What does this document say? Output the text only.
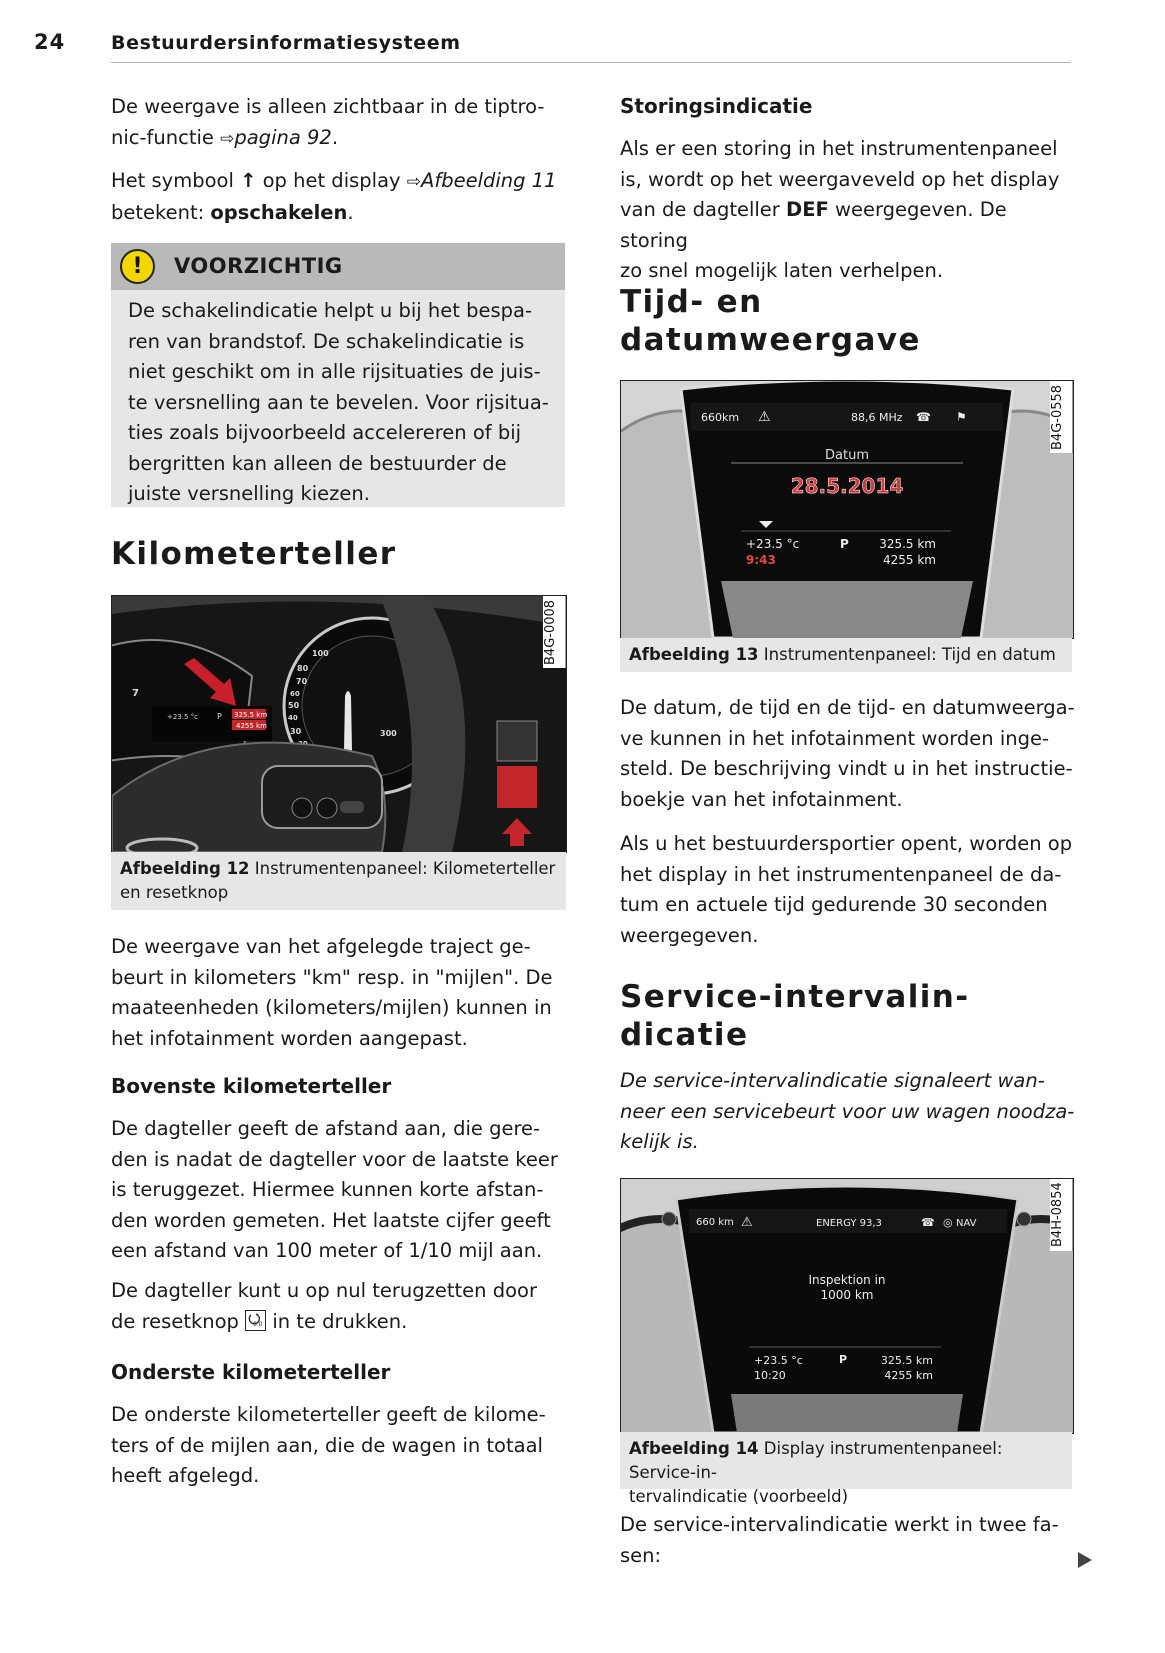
24 Bestuurdersinformatiesysteem

De weergave is alleen zichtbaar in de tiptro-

nic-functie ⇨pagina 92.

Het symbool ↑ op het display ⇨Afbeelding 11

betekent: opschakelen.

!	VOORZICHTIG
De schakelindicatie helpt u bij het bespa-
ren van brandstof. De schakelindicatie is
niet geschikt om in alle rijsituaties de juis-
te versnelling aan te bevelen. Voor rijsitua-
ties zoals bijvoorbeeld accelereren of bij
bergritten kan alleen de bestuurder de
juiste versnelling kiezen.
Kilometerteller
+23.5 °c P 325.5 km
4255 km
7
100
80
70
60
50
40
30	300
B4G-0008
Afbeelding 12 Instrumentenpaneel: Kilometerteller
en resetknop
De weergave van het afgelegde traject ge-
beurt in kilometers "km" resp. in "mijlen". De
maateenheden (kilometers/mijlen) kunnen in
het infotainment worden aangepast.
Bovenste kilometerteller
De dagteller geeft de afstand aan, die gere-
den is nadat de dagteller voor de laatste keer
is teruggezet. Hiermee kunnen korte afstan-
den worden gemeten. Het laatste cijfer geeft
een afstand van 100 meter of 1/10 mijl aan.
De dagteller kunt u op nul terugzetten door
de resetknop 0.0 in te drukken.
Onderste kilometerteller
De onderste kilometerteller geeft de kilome-
ters of de mijlen aan, die de wagen in totaal
heeft afgelegd.
Storingsindicatie
Als er een storing in het instrumentenpaneel
is, wordt op het weergaveveld op het display
van de dagteller DEF weergegeven. De storing
zo snel mogelijk laten verhelpen.
Tijd- en
datumweergave
660km ⚠	88,6 MHz ☎ ⚑
Datum
28.5.2014
+23.5 °c	P	325.5 km
9:43	4255 km
B4G-0558
Afbeelding 13 Instrumentenpaneel: Tijd en datum
De datum, de tijd en de tijd- en datumweerga-
ve kunnen in het infotainment worden inge-
steld. De beschrijving vindt u in het instructie-
boekje van het infotainment.
Als u het bestuurdersportier opent, worden op
het display in het instrumentenpaneel de da-
tum en actuele tijd gedurende 30 seconden
weergegeven.
Service-intervalin-
dicatie
De service-intervalindicatie signaleert wan-
neer een servicebeurt voor uw wagen noodza-
kelijk is.
660 km ⚠	ENERGY 93,3	☎ ◎ NAV
Inspektion in
1000 km
+23.5 °c	P	325.5 km
10:20	4255 km
B4H-0854
Afbeelding 14 Display instrumentenpaneel: Service-in-
tervalindicatie (voorbeeld)
De service-intervalindicatie werkt in twee fa-
sen:
